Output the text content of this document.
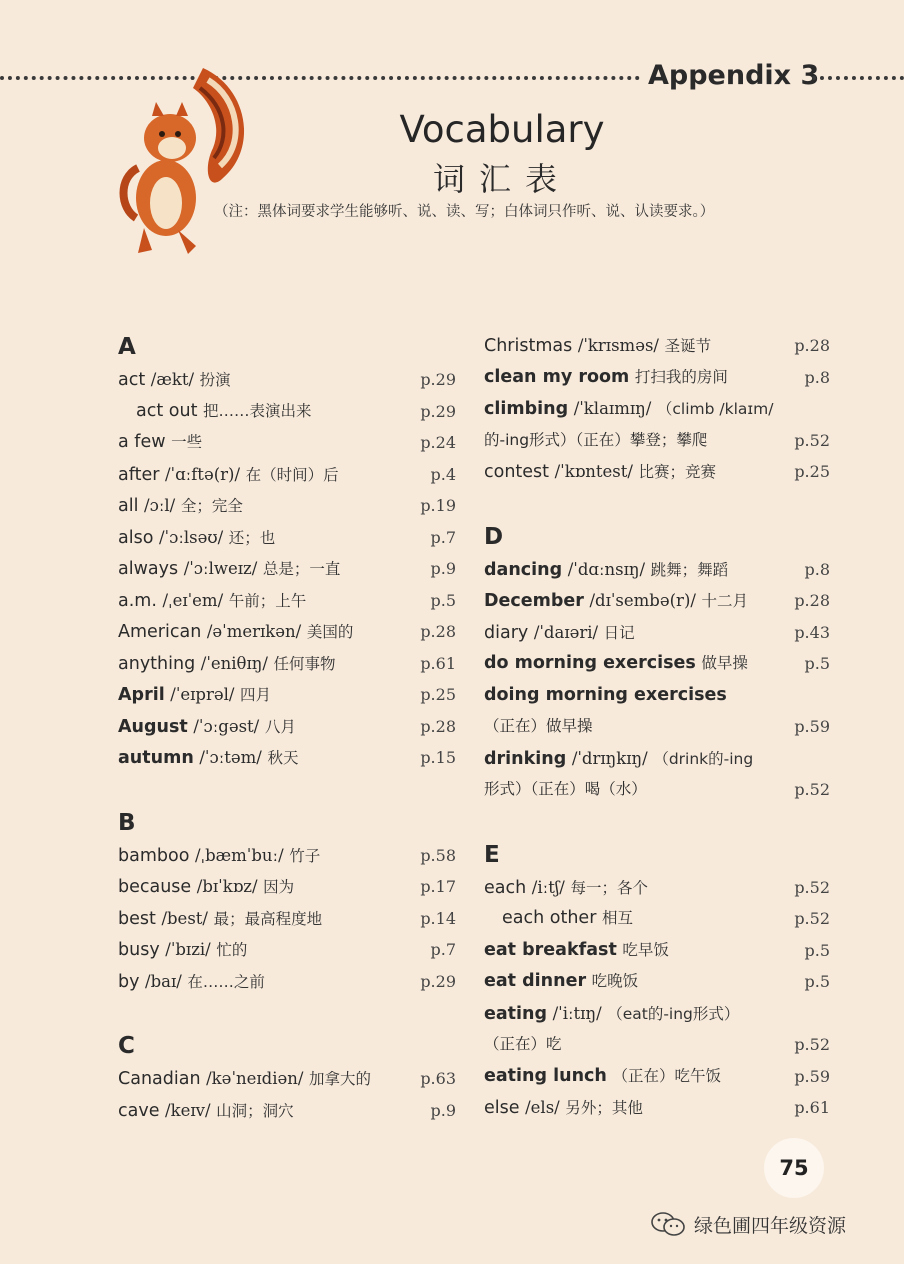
Appendix 3
Vocabulary
词汇表
（注：黑体词要求学生能够听、说、读、写；白体词只作听、说、认读要求。）
A
act /ækt/ 扮演	p.29
act out 把……表演出来	p.29
a few 一些	p.24
after /ˈɑːftə(r)/ 在（时间）后	p.4
all /ɔːl/ 全；完全	p.19
also /ˈɔːlsəʊ/ 还；也	p.7
always /ˈɔːlweɪz/ 总是；一直	p.9
a.m. /ˌeɪˈem/ 午前；上午	p.5
American /əˈmerɪkən/ 美国的	p.28
anything /ˈeniθɪŋ/ 任何事物	p.61
April /ˈeɪprəl/ 四月	p.25
August /ˈɔːgəst/ 八月	p.28
autumn /ˈɔːtəm/ 秋天	p.15
B
bamboo /ˌbæmˈbuː/ 竹子	p.58
because /bɪˈkɒz/ 因为	p.17
best /best/ 最；最高程度地	p.14
busy /ˈbɪzi/ 忙的	p.7
by /baɪ/ 在……之前	p.29
C
Canadian /kəˈneɪdiən/ 加拿大的	p.63
cave /keɪv/ 山洞；洞穴	p.9
Christmas /ˈkrɪsməs/ 圣诞节	p.28
clean my room 打扫我的房间	p.8
climbing /ˈklaɪmɪŋ/ （climb /klaɪm/
的-ing形式）（正在）攀登；攀爬	p.52
contest /ˈkɒntest/ 比赛；竞赛	p.25
D
dancing /ˈdɑːnsɪŋ/ 跳舞；舞蹈	p.8
December /dɪˈsembə(r)/ 十二月	p.28
diary /ˈdaɪəri/ 日记	p.43
do morning exercises 做早操	p.5
doing morning exercises
（正在）做早操	p.59
drinking /ˈdrɪŋkɪŋ/ （drink的-ing
形式）（正在）喝（水）	p.52
E
each /iːtʃ/ 每一；各个	p.52
each other 相互	p.52
eat breakfast 吃早饭	p.5
eat dinner 吃晚饭	p.5
eating /ˈiːtɪŋ/ （eat的-ing形式）
（正在）吃	p.52
eating lunch （正在）吃午饭	p.59
else /els/ 另外；其他	p.61
75
绿色圃四年级资源
